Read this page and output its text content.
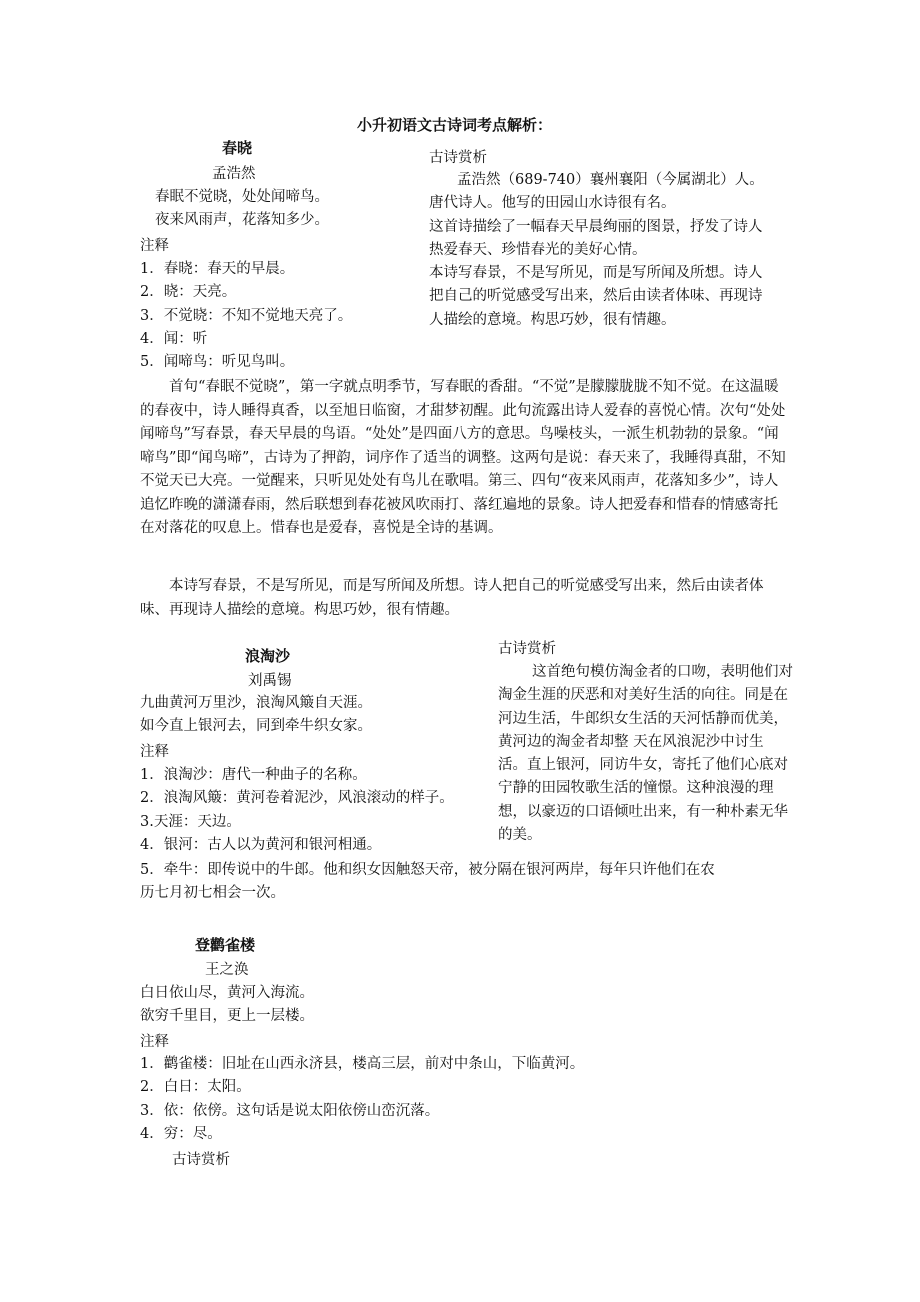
小升初语文古诗词考点解析：
春晓
孟浩然
春眠不觉晓，处处闻啼鸟。
夜来风雨声，花落知多少。
注释
1．春晓：春天的早晨。
2．晓：天亮。
3．不觉晓：不知不觉地天亮了。
4．闻：听
5．闻啼鸟：听见鸟叫。
古诗赏析
孟浩然（689-740）襄州襄阳（今属湖北）人。
唐代诗人。他写的田园山水诗很有名。
这首诗描绘了一幅春天早晨绚丽的图景，抒发了诗人
热爱春天、珍惜春光的美好心情。
本诗写春景，不是写所见，而是写所闻及所想。诗人
把自己的听觉感受写出来，然后由读者体味、再现诗
人描绘的意境。构思巧妙，很有情趣。
首句“春眠不觉晓”，第一字就点明季节，写春眠的香甜。“不觉”是朦朦胧胧不知不觉。在这温暖的春夜中，诗人睡得真香，以至旭日临窗，才甜梦初醒。此句流露出诗人爱春的喜悦心情。次句“处处闻啼鸟”写春景，春天早晨的鸟语。“处处”是四面八方的意思。鸟噪枝头，一派生机勃勃的景象。“闻啼鸟”即“闻鸟啼”，古诗为了押韵，词序作了适当的调整。这两句是说：春天来了，我睡得真甜，不知不觉天已大亮。一觉醒来，只听见处处有鸟儿在歌唱。第三、四句“夜来风雨声，花落知多少”，诗人追忆昨晚的潇潇春雨，然后联想到春花被风吹雨打、落红遍地的景象。诗人把爱春和惜春的情感寄托在对落花的叹息上。惜春也是爱春，喜悦是全诗的基调。
本诗写春景，不是写所见，而是写所闻及所想。诗人把自己的听觉感受写出来，然后由读者体味、再现诗人描绘的意境。构思巧妙，很有情趣。
古诗赏析
这首绝句模仿淘金者的口吻，表明他们对
淘金生涯的厌恶和对美好生活的向往。同是在
河边生活，牛郎织女生活的天河恬静而优美，
黄河边的淘金者却整 天在风浪泥沙中讨生
活。直上银河，同访牛女，寄托了他们心底对
宁静的田园牧歌生活的憧憬。这种浪漫的理
想，以豪迈的口语倾吐出来，有一种朴素无华
的美。
浪淘沙
刘禹锡
九曲黄河万里沙，浪淘风簸自天涯。
如今直上银河去，同到牵牛织女家。
注释
1．浪淘沙：唐代一种曲子的名称。
2．浪淘风簸：黄河卷着泥沙，风浪滚动的样子。
3.天涯：天边。
4．银河：古人以为黄河和银河相通。
5．牵牛：即传说中的牛郎。他和织女因触怒天帝，被分隔在银河两岸，每年只许他们在农
历七月初七相会一次。
登鹳雀楼
王之涣
白日依山尽，黄河入海流。
欲穷千里目，更上一层楼。
注释
1．鹳雀楼：旧址在山西永济县，楼高三层，前对中条山，下临黄河。
2．白日：太阳。
3．依：依傍。这句话是说太阳依傍山峦沉落。
4．穷：尽。
古诗赏析
